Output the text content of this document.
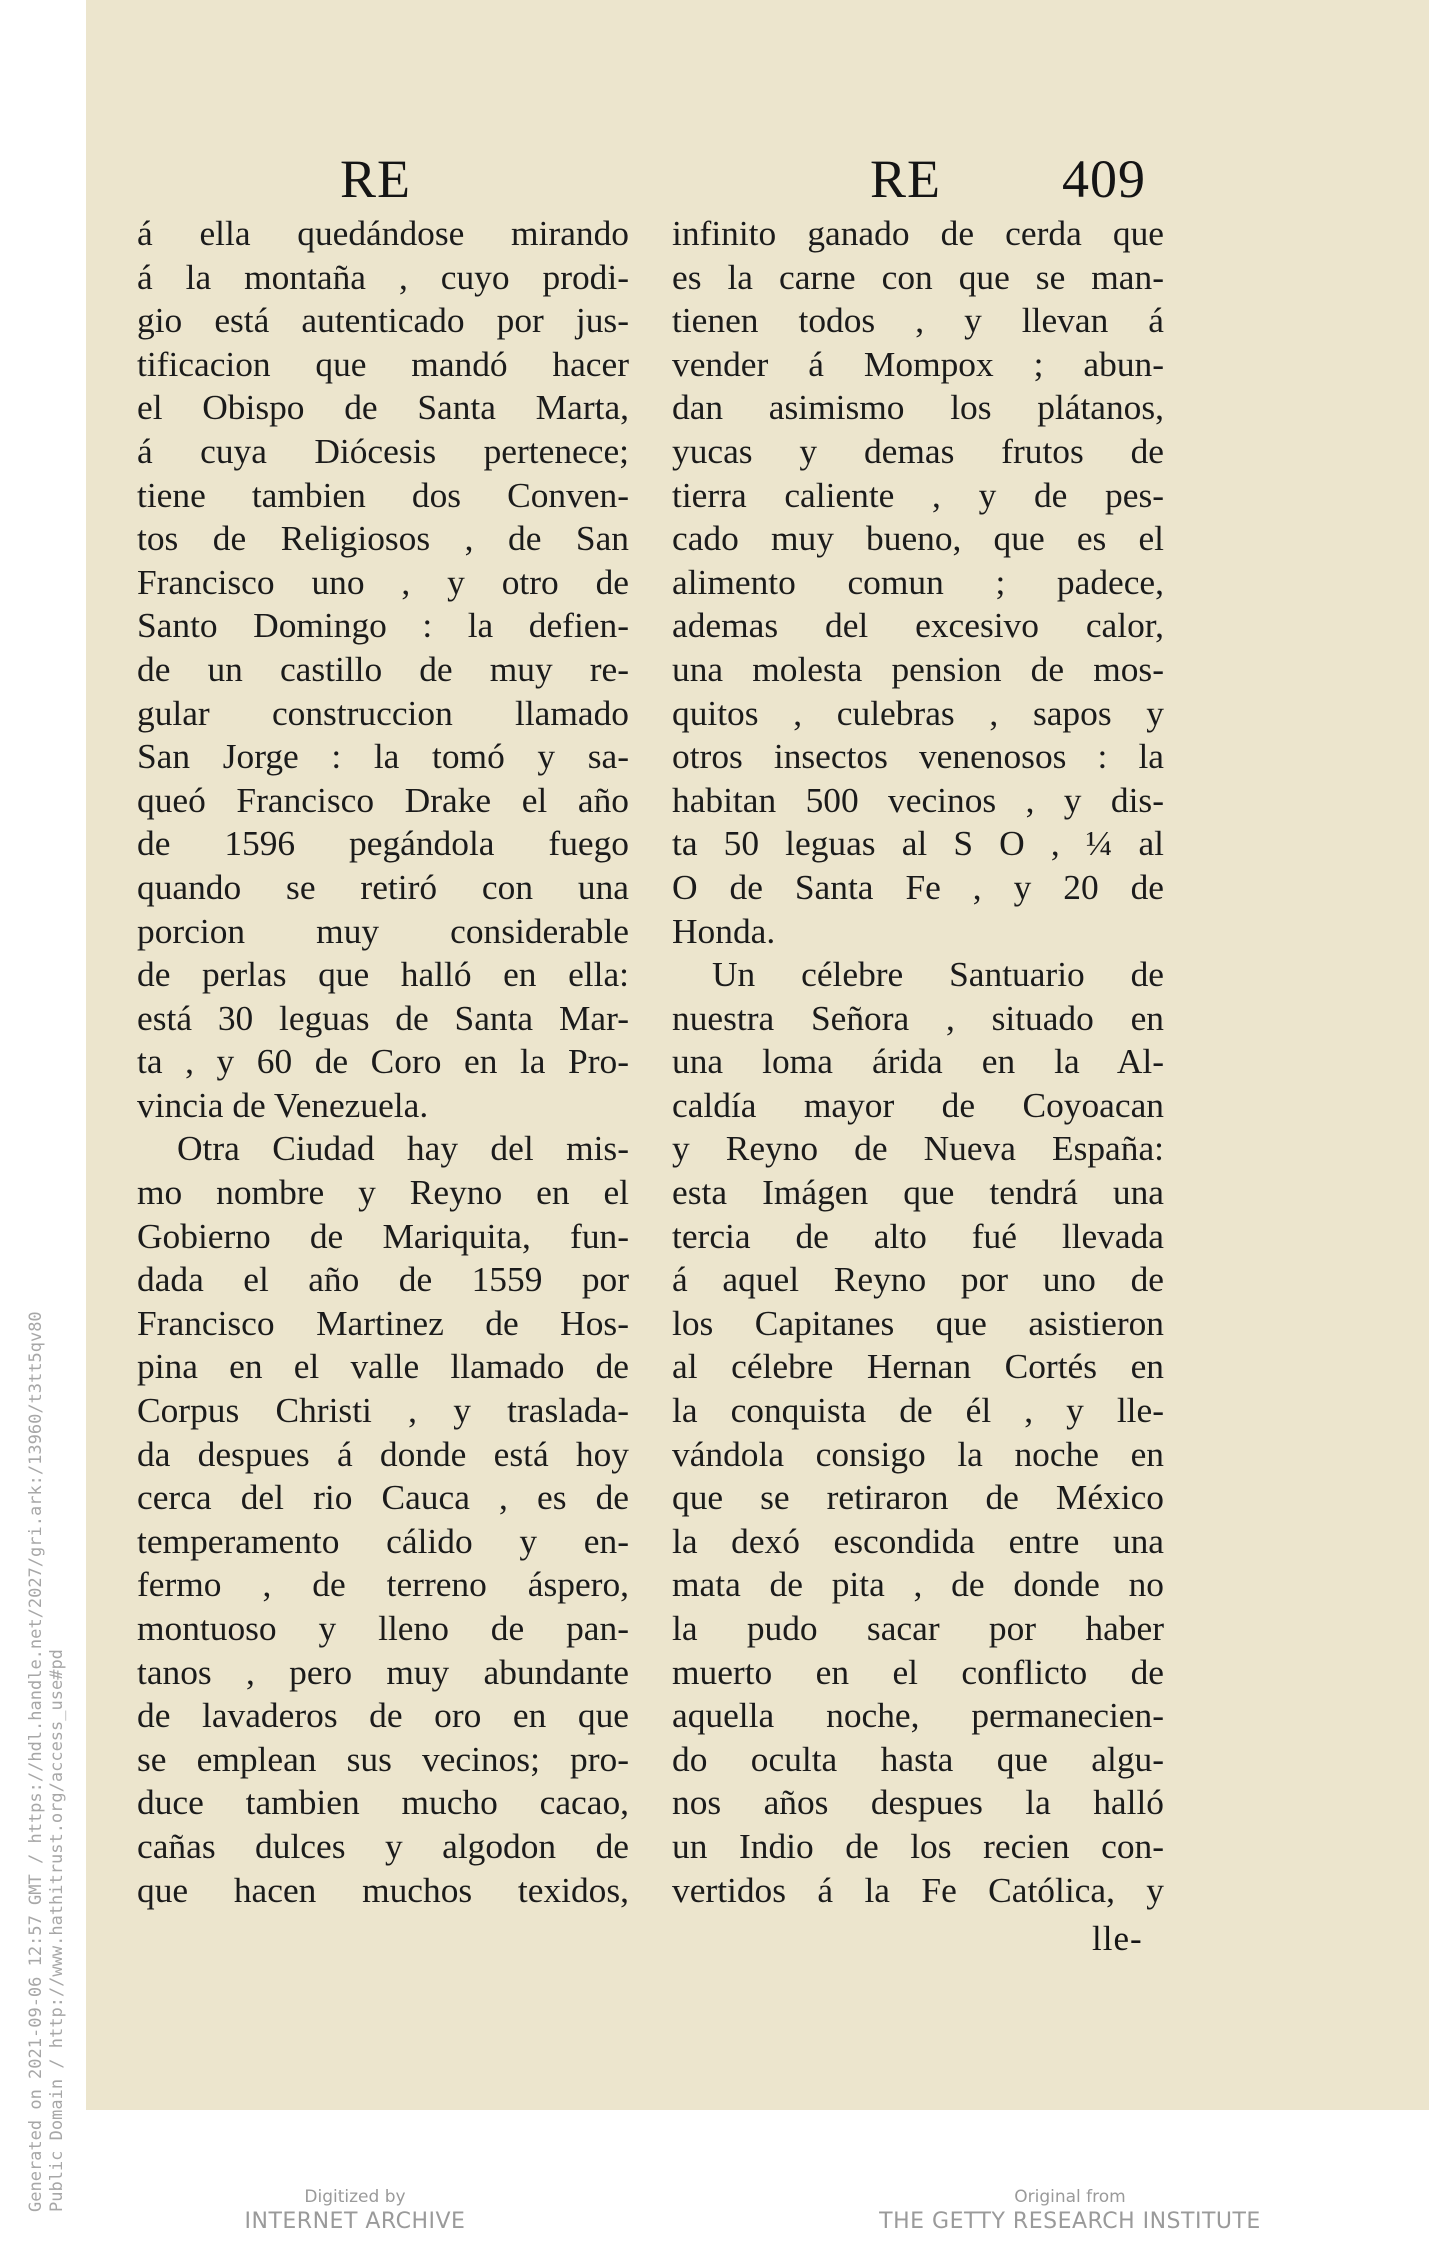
RE	RE 409
á ella quedándose mirando
á la montaña , cuyo prodi-
gio está autenticado por jus-
tificacion que mandó hacer
el Obispo de Santa Marta,
á cuya Diócesis pertenece;
tiene tambien dos Conven-
tos de Religiosos , de San
Francisco uno , y otro de
Santo Domingo : la defien-
de un castillo de muy re-
gular construccion llamado
San Jorge : la tomó y sa-
queó Francisco Drake el año
de 1596 pegándola fuego
quando se retiró con una
porcion muy considerable
de perlas que halló en ella:
está 30 leguas de Santa Mar-
ta , y 60 de Coro en la Pro-
vincia de Venezuela.
Otra Ciudad hay del mis-
mo nombre y Reyno en el
Gobierno de Mariquita, fun-
dada el año de 1559 por
Francisco Martinez de Hos-
pina en el valle llamado de
Corpus Christi , y traslada-
da despues á donde está hoy
cerca del rio Cauca , es de
temperamento cálido y en-
fermo , de terreno áspero,
montuoso y lleno de pan-
tanos , pero muy abundante
de lavaderos de oro en que
se emplean sus vecinos; pro-
duce tambien mucho cacao,
cañas dulces y algodon de
que hacen muchos texidos,
infinito ganado de cerda que
es la carne con que se man-
tienen todos , y llevan á
vender á Mompox ; abun-
dan asimismo los plátanos,
yucas y demas frutos de
tierra caliente , y de pes-
cado muy bueno, que es el
alimento comun ; padece,
ademas del excesivo calor,
una molesta pension de mos-
quitos , culebras , sapos y
otros insectos venenosos : la
habitan 500 vecinos , y dis-
ta 50 leguas al S O , ¼ al
O de Santa Fe , y 20 de
Honda.
Un célebre Santuario de
nuestra Señora , situado en
una loma árida en la Al-
caldía mayor de Coyoacan
y Reyno de Nueva España:
esta Imágen que tendrá una
tercia de alto fué llevada
á aquel Reyno por uno de
los Capitanes que asistieron
al célebre Hernan Cortés en
la conquista de él , y lle-
vándola consigo la noche en
que se retiraron de México
la dexó escondida entre una
mata de pita , de donde no
la pudo sacar por haber
muerto en el conflicto de
aquella noche, permanecien-
do oculta hasta que algu-
nos años despues la halló
un Indio de los recien con-
vertidos á la Fe Católica, y
lle-
Generated on 2021-09-06 12:57 GMT / https://hdl.handle.net/2027/gri.ark:/13960/t3tt5qv80 Public Domain / http://www.hathitrust.org/access_use#pd	Digitized by
INTERNET ARCHIVE
Original from
THE GETTY RESEARCH INSTITUTE
